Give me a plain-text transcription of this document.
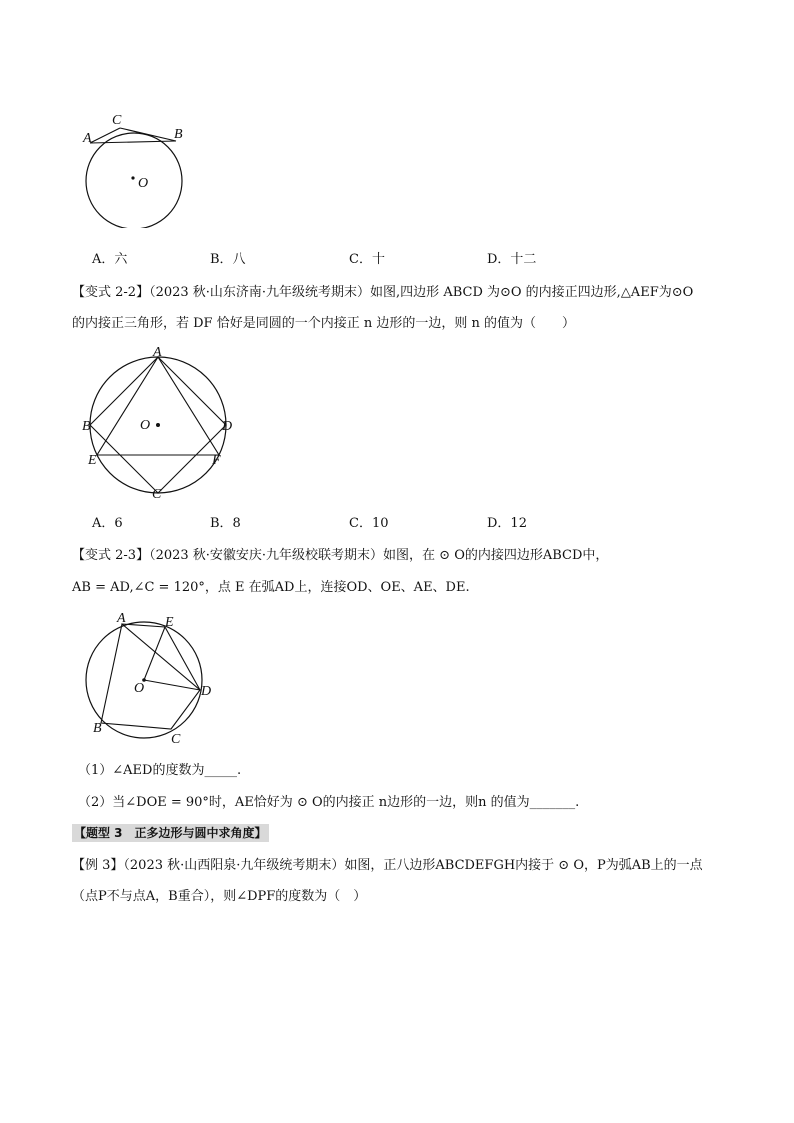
A
C
B
O
A．六	B．八	C．十	D．十二
【变式 2-2】（2023 秋·山东济南·九年级统考期末）如图,四边形 ABCD 为⊙O 的内接正四边形,△AEF为⊙O
的内接正三角形，若 DF 恰好是同圆的一个内接正 n 边形的一边，则 n 的值为（　　）
A
B	D
E	F
C
O
A．6	B．8	C．10	D．12
【变式 2-3】（2023 秋·安徽安庆·九年级校联考期末）如图，在 ⊙ O的内接四边形ABCD中，
AB = AD,∠C = 120°，点 E 在弧AD上，连接OD、OE、AE、DE.
A	E
D
B
C
O
（1）∠AED的度数为_____.
（2）当∠DOE = 90°时，AE恰好为 ⊙ O的内接正 n边形的一边，则n 的值为_______.
【题型 3　正多边形与圆中求角度】
【例 3】（2023 秋·山西阳泉·九年级统考期末）如图，正八边形ABCDEFGH内接于 ⊙ O，P为弧AB上的一点
（点P不与点A，B重合），则∠DPF的度数为（　）
